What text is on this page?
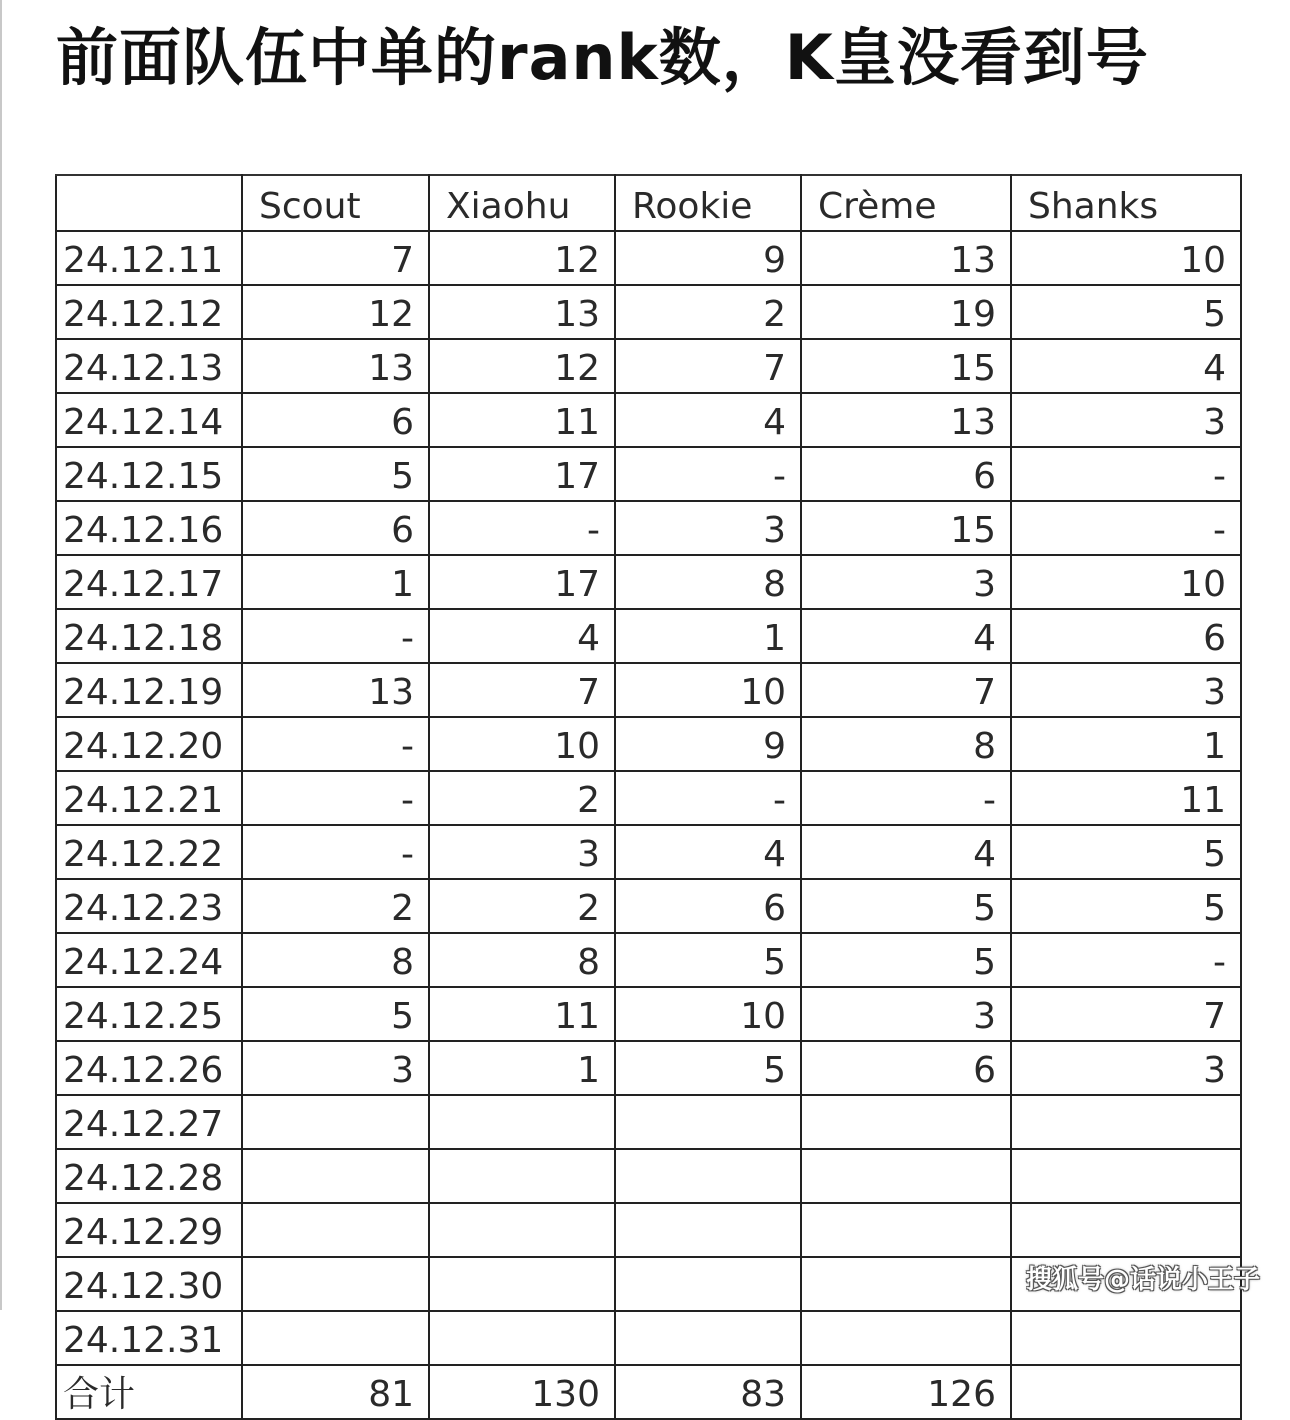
前面队伍中单的rank数，K皇没看到号
	Scout	Xiaohu	Rookie	Crème	Shanks
24.12.11	7	12	9	13	10
24.12.12	12	13	2	19	5
24.12.13	13	12	7	15	4
24.12.14	6	11	4	13	3
24.12.15	5	17	-	6	-
24.12.16	6	-	3	15	-
24.12.17	1	17	8	3	10
24.12.18	-	4	1	4	6
24.12.19	13	7	10	7	3
24.12.20	-	10	9	8	1
24.12.21	-	2	-	-	11
24.12.22	-	3	4	4	5
24.12.23	2	2	6	5	5
24.12.24	8	8	5	5	-
24.12.25	5	11	10	3	7
24.12.26	3	1	5	6	3
24.12.27					
24.12.28					
24.12.29					
24.12.30					
24.12.31					
合计	81	130	83	126	
搜狐号@话说小王子
